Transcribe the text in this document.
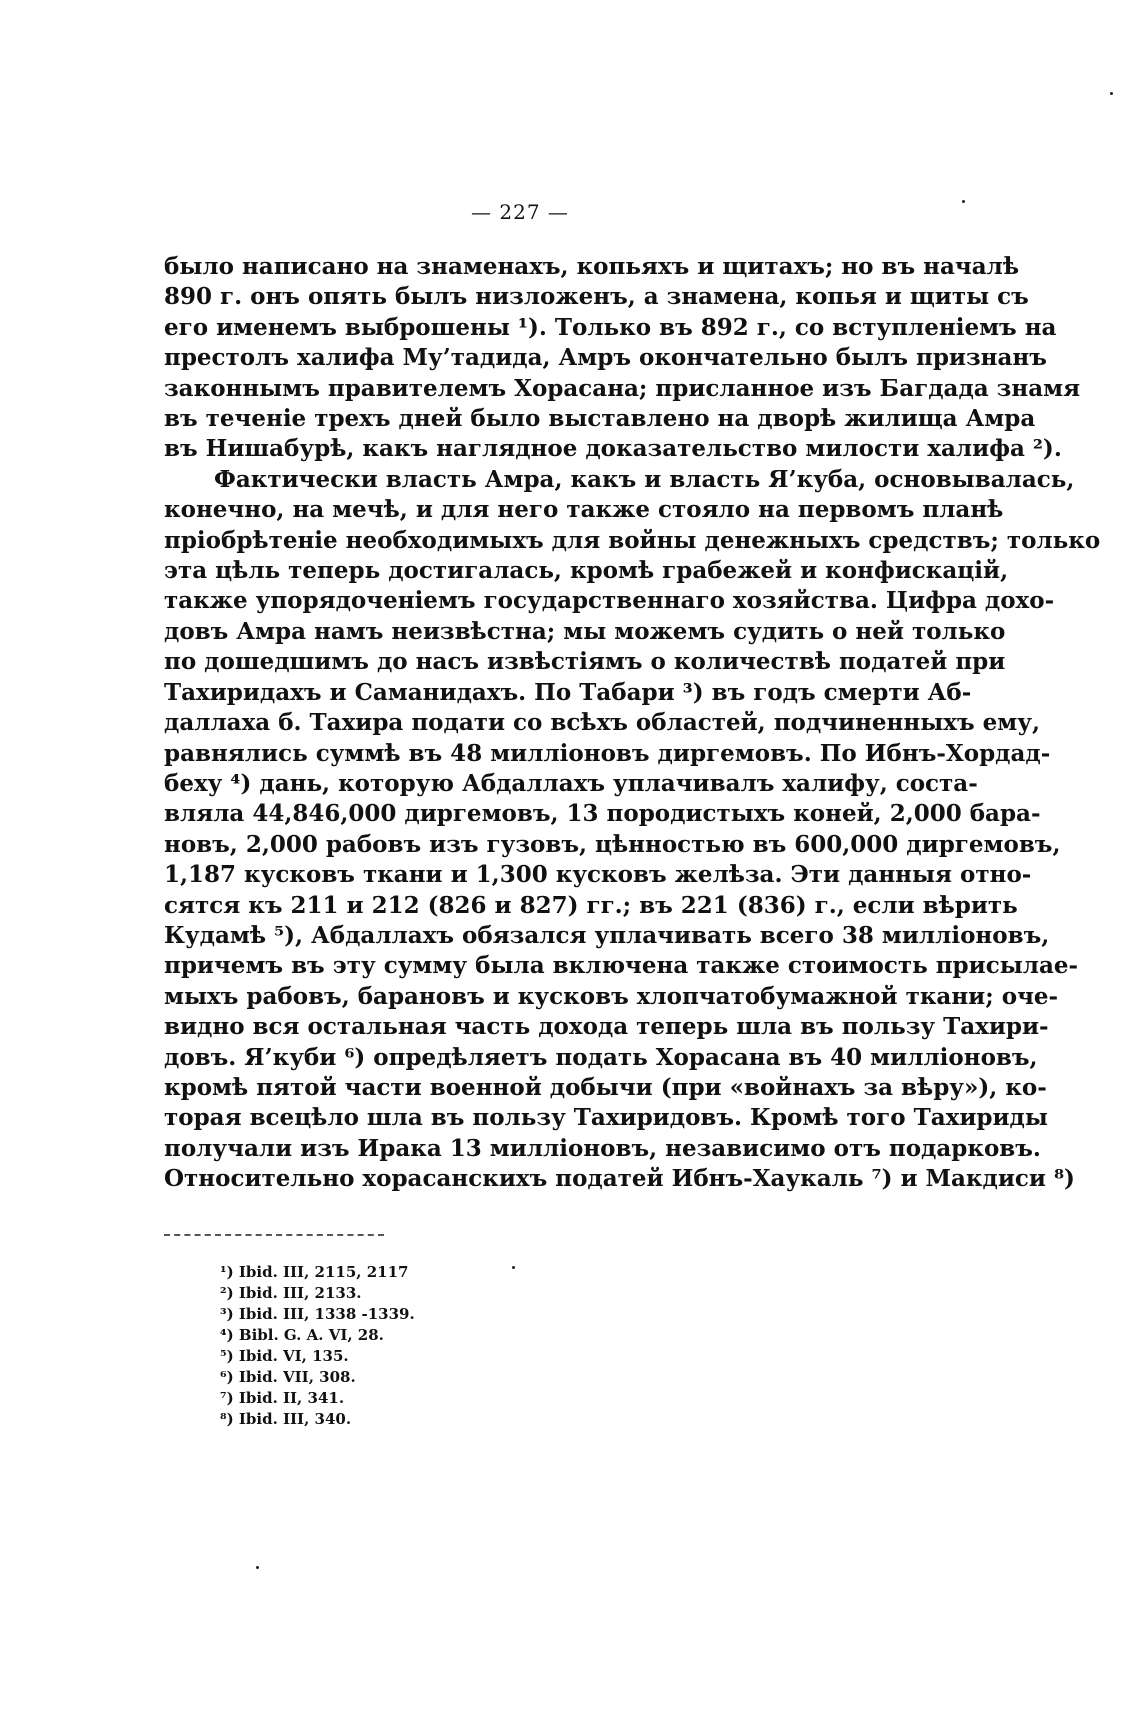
— 227 —
было написано на знаменахъ, копьяхъ и щитахъ; но въ началѣ
890 г. онъ опять былъ низложенъ, а знамена, копья и щиты съ
его именемъ выброшены ¹). Только въ 892 г., со вступленіемъ на
престолъ халифа Му’тадида, Амръ окончательно былъ признанъ
законнымъ правителемъ Хорасана; присланное изъ Багдада знамя
въ теченіе трехъ дней было выставлено на дворѣ жилища Амра
въ Нишабурѣ, какъ наглядное доказательство милости халифа ²).
Фактически власть Амра, какъ и власть Я’куба, основывалась,
конечно, на мечѣ, и для него также стояло на первомъ планѣ
пріобрѣтеніе необходимыхъ для войны денежныхъ средствъ; только
эта цѣль теперь достигалась, кромѣ грабежей и конфискацій,
также упорядоченіемъ государственнаго хозяйства. Цифра дохо-
довъ Амра намъ неизвѣстна; мы можемъ судить о ней только
по дошедшимъ до насъ извѣстіямъ о количествѣ податей при
Тахиридахъ и Саманидахъ. По Табари ³) въ годъ смерти Аб-
даллаха б. Тахира подати со всѣхъ областей, подчиненныхъ ему,
равнялись суммѣ въ 48 милліоновъ диргемовъ. По Ибнъ-Хордад-
беху ⁴) дань, которую Абдаллахъ уплачивалъ халифу, соста-
вляла 44,846,000 диргемовъ, 13 породистыхъ коней, 2,000 бара-
новъ, 2,000 рабовъ изъ гузовъ, цѣнностью въ 600,000 диргемовъ,
1,187 кусковъ ткани и 1,300 кусковъ желѣза. Эти данныя отно-
сятся къ 211 и 212 (826 и 827) гг.; въ 221 (836) г., если вѣрить
Кудамѣ ⁵), Абдаллахъ обязался уплачивать всего 38 милліоновъ,
причемъ въ эту сумму была включена также стоимость присылае-
мыхъ рабовъ, барановъ и кусковъ хлопчатобумажной ткани; оче-
видно вся остальная часть дохода теперь шла въ пользу Тахири-
довъ. Я’куби ⁶) опредѣляетъ подать Хорасана въ 40 милліоновъ,
кромѣ пятой части военной добычи (при «войнахъ за вѣру»), ко-
торая всецѣло шла въ пользу Тахиридовъ. Кромѣ того Тахириды
получали изъ Ирака 13 милліоновъ, независимо отъ подарковъ.
Относительно хорасанскихъ податей Ибнъ-Хаукаль ⁷) и Макдиси ⁸)
¹) Ibid. III, 2115, 2117
²) Ibid. III, 2133.
³) Ibid. III, 1338 -1339.
⁴) Bibl. G. A. VI, 28.
⁵) Ibid. VI, 135.
⁶) Ibid. VII, 308.
⁷) Ibid. II, 341.
⁸) Ibid. III, 340.
